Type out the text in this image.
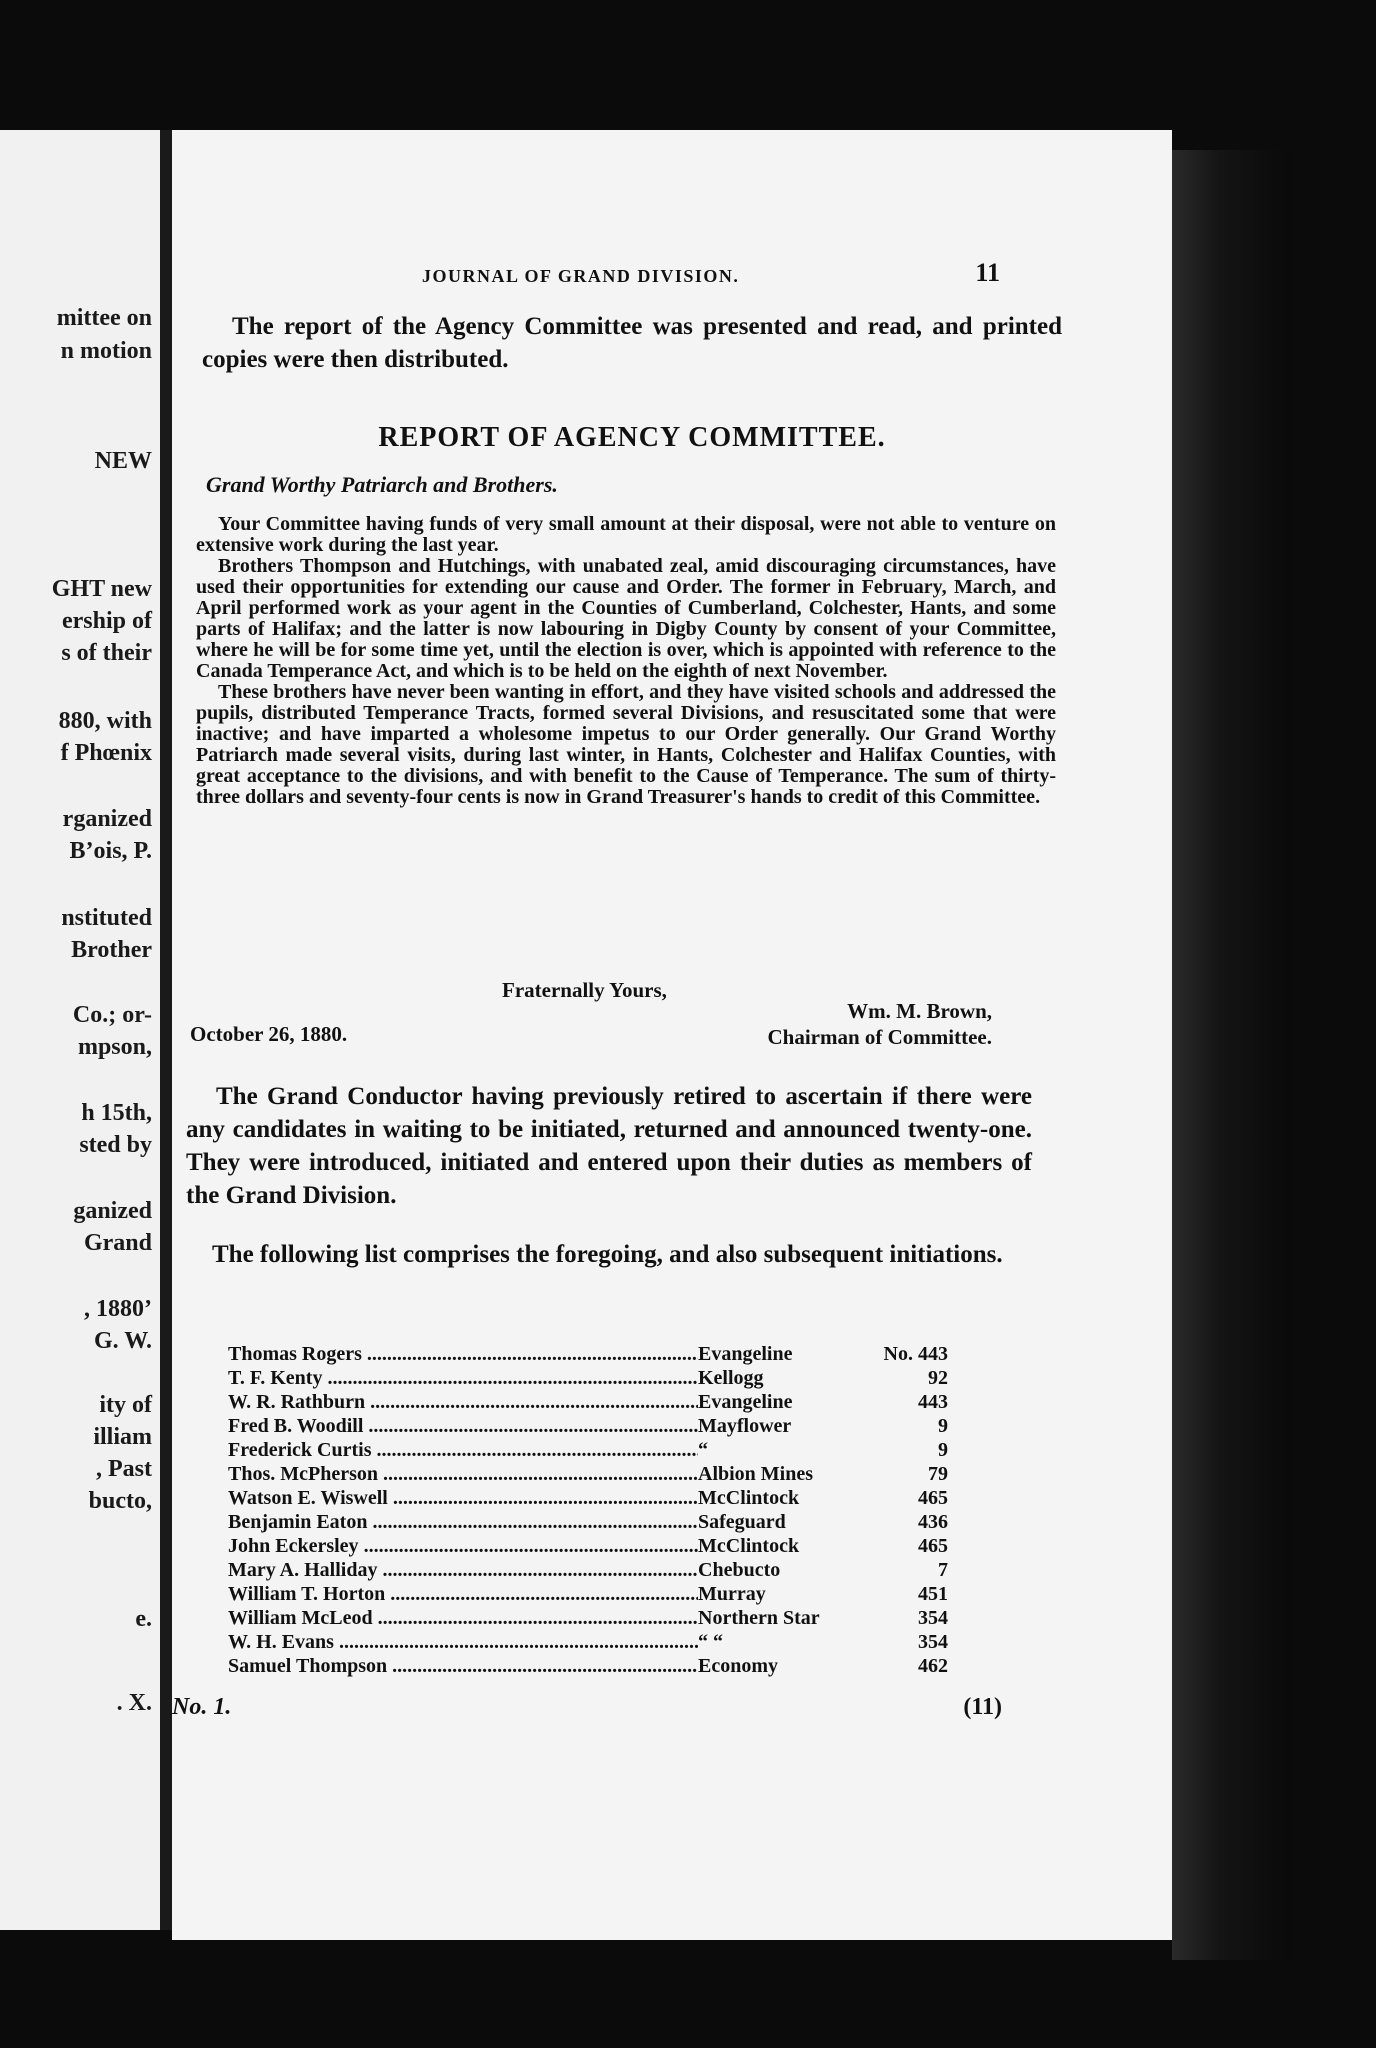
mittee on
n motion
NEW
GHT new
ership of
s of their
880, with
f Phœnix
rganized
B’ois, P.
nstituted
Brother
Co.; or-
mpson,
h 15th,
sted by
ganized
Grand
, 1880’
G. W.
ity of
illiam
, Past
bucto,
e.
. X.
JOURNAL OF GRAND DIVISION.	11
The report of the Agency Committee was presented and read, and printed copies were then distributed.
REPORT OF AGENCY COMMITTEE.
Grand Worthy Patriarch and Brothers.

Your Committee having funds of very small amount at their disposal, were not able to venture on extensive work during the last year.

Brothers Thompson and Hutchings, with unabated zeal, amid discouraging circumstances, have used their opportunities for extending our cause and Order. The former in February, March, and April performed work as your agent in the Counties of Cumberland, Colchester, Hants, and some parts of Halifax; and the latter is now labouring in Digby County by consent of your Committee, where he will be for some time yet, until the election is over, which is appointed with reference to the Canada Temperance Act, and which is to be held on the eighth of next November.

These brothers have never been wanting in effort, and they have visited schools and addressed the pupils, distributed Temperance Tracts, formed several Divisions, and resuscitated some that were inactive; and have imparted a wholesome impetus to our Order generally. Our Grand Worthy Patriarch made several visits, during last winter, in Hants, Colchester and Halifax Counties, with great acceptance to the divisions, and with benefit to the Cause of Temperance. The sum of thirty-three dollars and seventy-four cents is now in Grand Treasurer's hands to credit of this Committee.

Fraternally Yours,
October 26, 1880.
Wm. M. Brown,
Chairman of Committee.
The Grand Conductor having previously retired to ascertain if there were any candidates in waiting to be initiated, returned and announced twenty-one. They were introduced, initiated and entered upon their duties as members of the Grand Division.
The following list comprises the foregoing, and also subsequent initiations.
Thomas Rogers .....	Evangeline	No. 443
T. F. Kenty .....	Kellogg	92
W. R. Rathburn .....	Evangeline	443
Fred B. Woodill .....	Mayflower	9
Frederick Curtis .....	“	9
Thos. McPherson .....	Albion Mines	79
Watson E. Wiswell .....	McClintock	465
Benjamin Eaton .....	Safeguard	436
John Eckersley .....	McClintock	465
Mary A. Halliday .....	Chebucto	7
William T. Horton .....	Murray	451
William McLeod .....	Northern Star	354
W. H. Evans .....	“ “	354
Samuel Thompson .....	Economy	462
No. 1.	(11)
